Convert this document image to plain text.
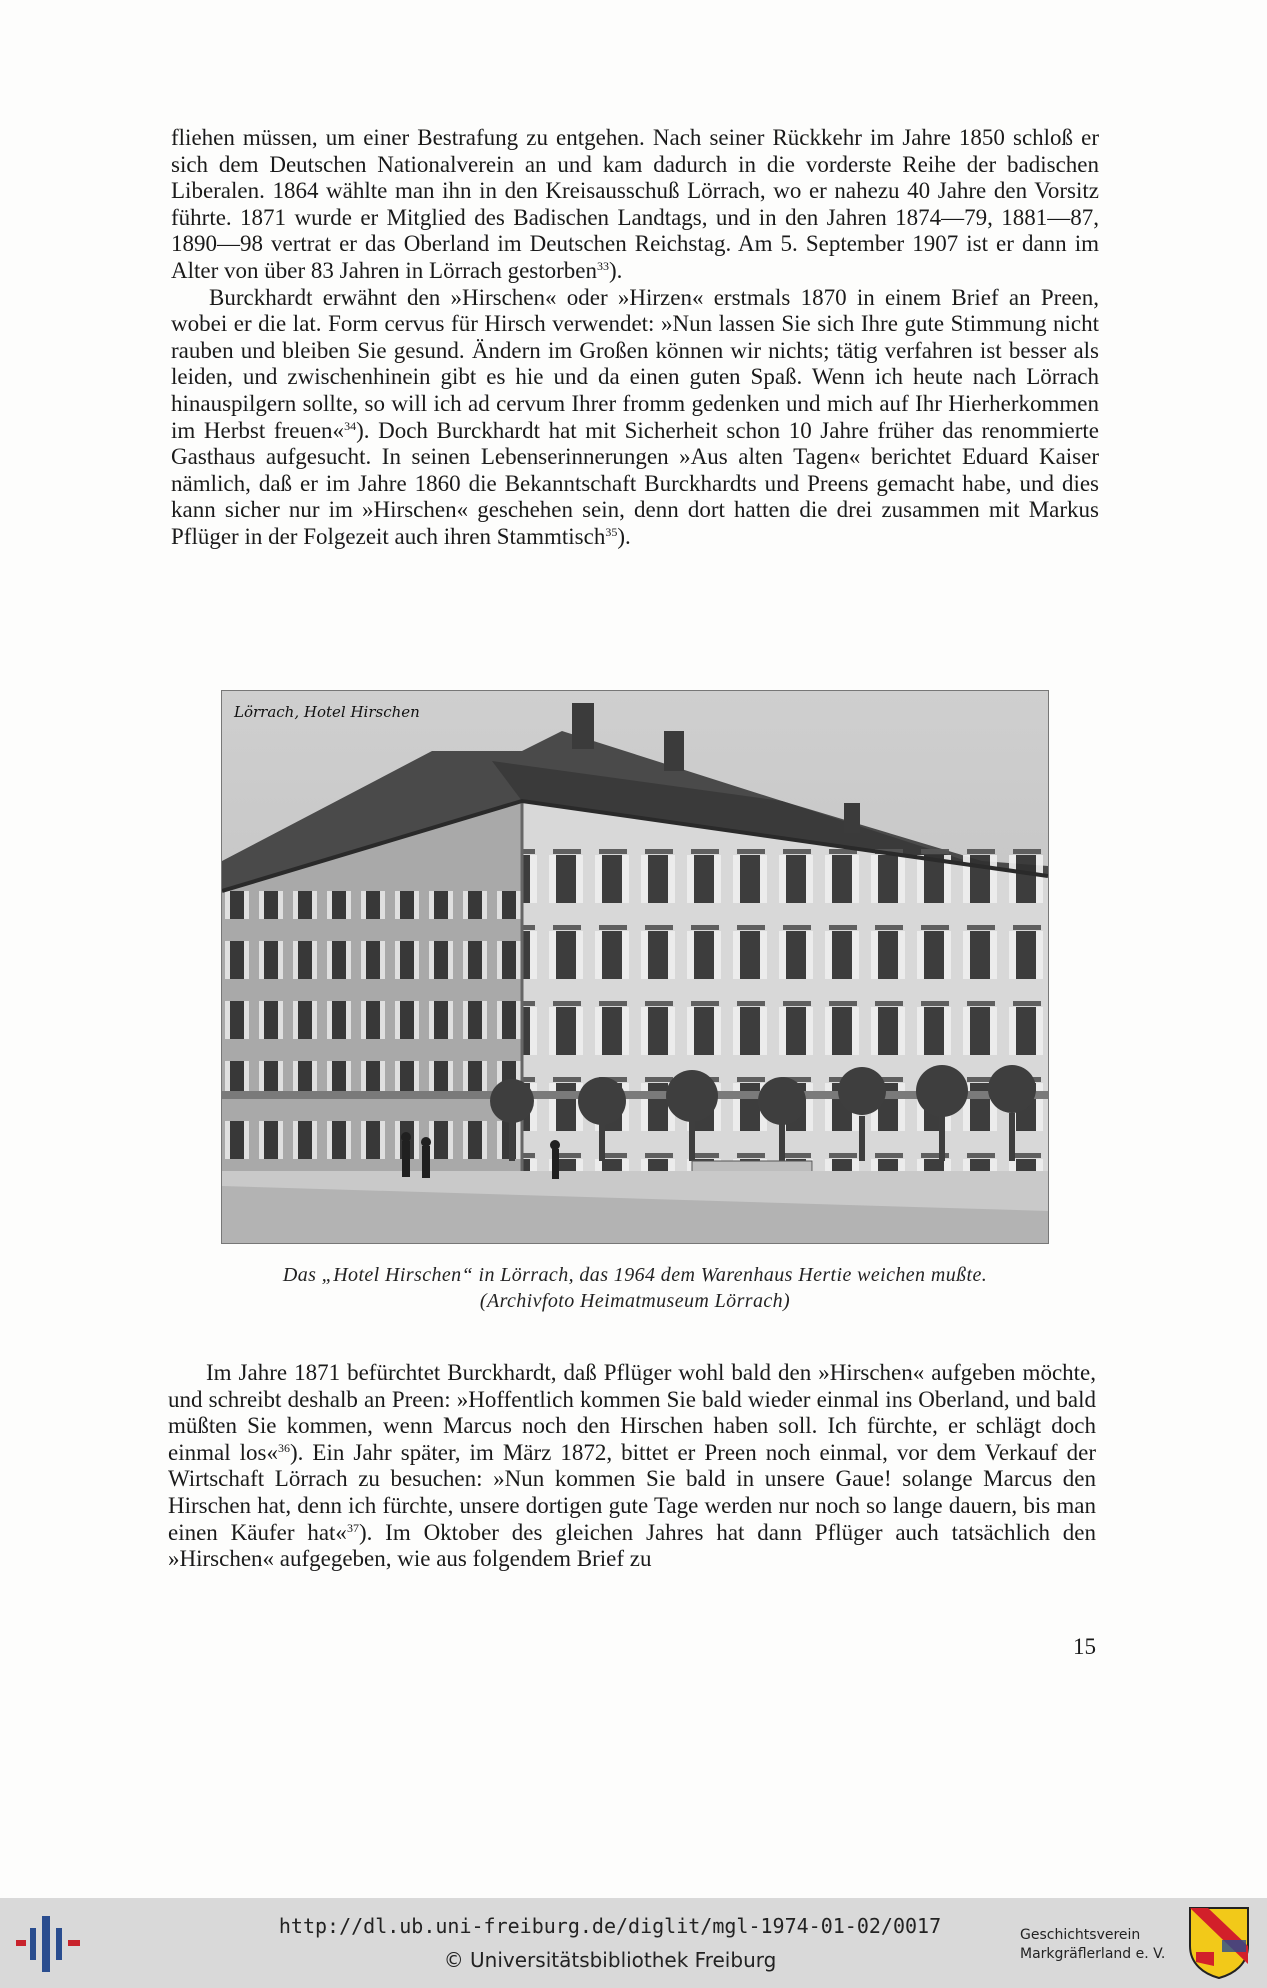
fliehen müssen, um einer Bestrafung zu entgehen. Nach seiner Rückkehr im Jahre 1850 schloß er sich dem Deutschen Nationalverein an und kam dadurch in die vorderste Reihe der badischen Liberalen. 1864 wählte man ihn in den Kreisausschuß Lörrach, wo er nahezu 40 Jahre den Vorsitz führte. 1871 wurde er Mitglied des Badischen Landtags, und in den Jahren 1874—79, 1881—87, 1890—98 vertrat er das Oberland im Deutschen Reichstag. Am 5. September 1907 ist er dann im Alter von über 83 Jahren in Lörrach gestorben$^{33}$).

Burckhardt erwähnt den »Hirschen« oder »Hirzen« erstmals 1870 in einem Brief an Preen, wobei er die lat. Form cervus für Hirsch verwendet: »Nun lassen Sie sich Ihre gute Stimmung nicht rauben und bleiben Sie gesund. Ändern im Großen können wir nichts; tätig verfahren ist besser als leiden, und zwischenhinein gibt es hie und da einen guten Spaß. Wenn ich heute nach Lörrach hinauspilgern sollte, so will ich ad cervum Ihrer fromm gedenken und mich auf Ihr Hierherkommen im Herbst freuen«$^{34}$). Doch Burckhardt hat mit Sicherheit schon 10 Jahre früher das renommierte Gasthaus aufgesucht. In seinen Lebenserinnerungen »Aus alten Tagen« berichtet Eduard Kaiser nämlich, daß er im Jahre 1860 die Bekanntschaft Burckhardts und Preens gemacht habe, und dies kann sicher nur im »Hirschen« geschehen sein, denn dort hatten die drei zusammen mit Markus Pflüger in der Folgezeit auch ihren Stammtisch$^{35}$).

Lörrach, Hotel Hirschen
Das „Hotel Hirschen“ in Lörrach, das 1964 dem Warenhaus Hertie weichen mußte.
(Archivfoto Heimatmuseum Lörrach)

Im Jahre 1871 befürchtet Burckhardt, daß Pflüger wohl bald den »Hirschen« aufgeben möchte, und schreibt deshalb an Preen: »Hoffentlich kommen Sie bald wieder einmal ins Oberland, und bald müßten Sie kommen, wenn Marcus noch den Hirschen haben soll. Ich fürchte, er schlägt doch einmal los«$^{36}$). Ein Jahr später, im März 1872, bittet er Preen noch einmal, vor dem Verkauf der Wirtschaft Lörrach zu besuchen: »Nun kommen Sie bald in unsere Gaue! solange Marcus den Hirschen hat, denn ich fürchte, unsere dortigen gute Tage werden nur noch so lange dauern, bis man einen Käufer hat«$^{37}$). Im Oktober des gleichen Jahres hat dann Pflüger auch tatsächlich den »Hirschen« aufgegeben, wie aus folgendem Brief zu

15
http://dl.ub.uni-freiburg.de/diglit/mgl-1974-01-02/0017
© Universitätsbibliothek Freiburg
Geschichtsverein
Markgräflerland e. V.
